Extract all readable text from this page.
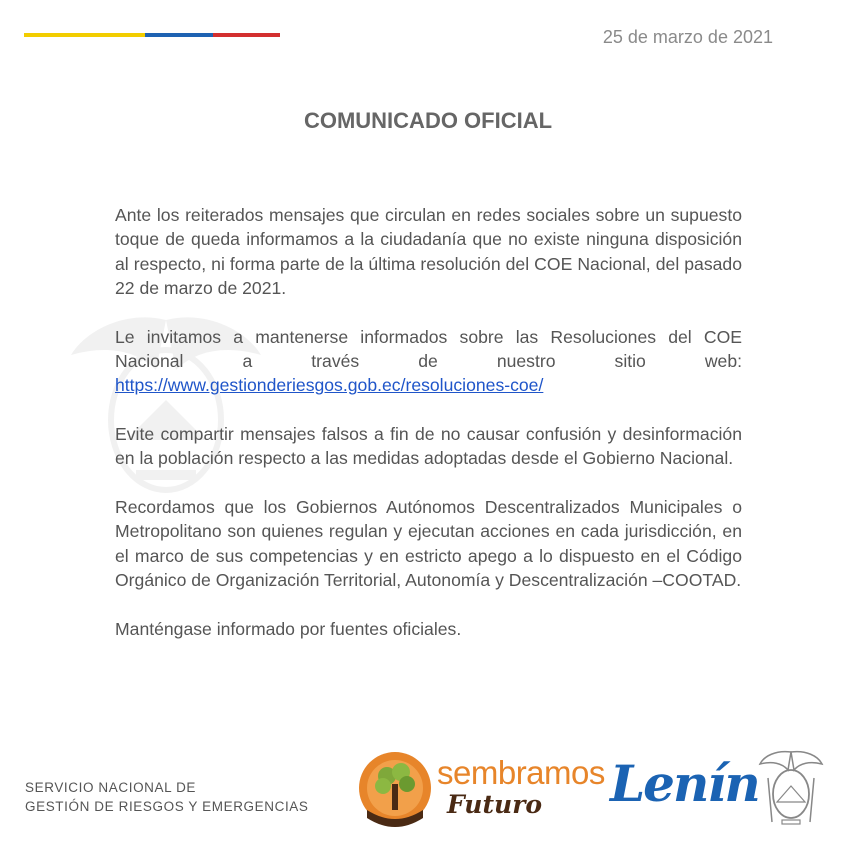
25 de marzo de 2021
COMUNICADO OFICIAL

Ante los reiterados mensajes que circulan en redes sociales sobre un supuesto toque de queda informamos a la ciudadanía que no existe ninguna disposición al respecto, ni forma parte de la última resolución del COE Nacional, del pasado 22 de marzo de 2021.

Le invitamos a mantenerse informados sobre las Resoluciones del COE Nacional a través de nuestro sitio web:

https://www.gestionderiesgos.gob.ec/resoluciones-coe/

Evite compartir mensajes falsos a fin de no causar confusión y desinformación en la población respecto a las medidas adoptadas desde el Gobierno Nacional.

Recordamos que los Gobiernos Autónomos Descentralizados Municipales o Metropolitano son quienes regulan y ejecutan acciones en cada jurisdicción, en el marco de sus competencias y en estricto apego a lo dispuesto en el Código Orgánico de Organización Territorial, Autonomía y Descentralización –COOTAD.

Manténgase informado por fuentes oficiales.

SERVICIO NACIONAL DE
GESTIÓN DE RIESGOS Y EMERGENCIAS
sembramos
Futuro Lenín
